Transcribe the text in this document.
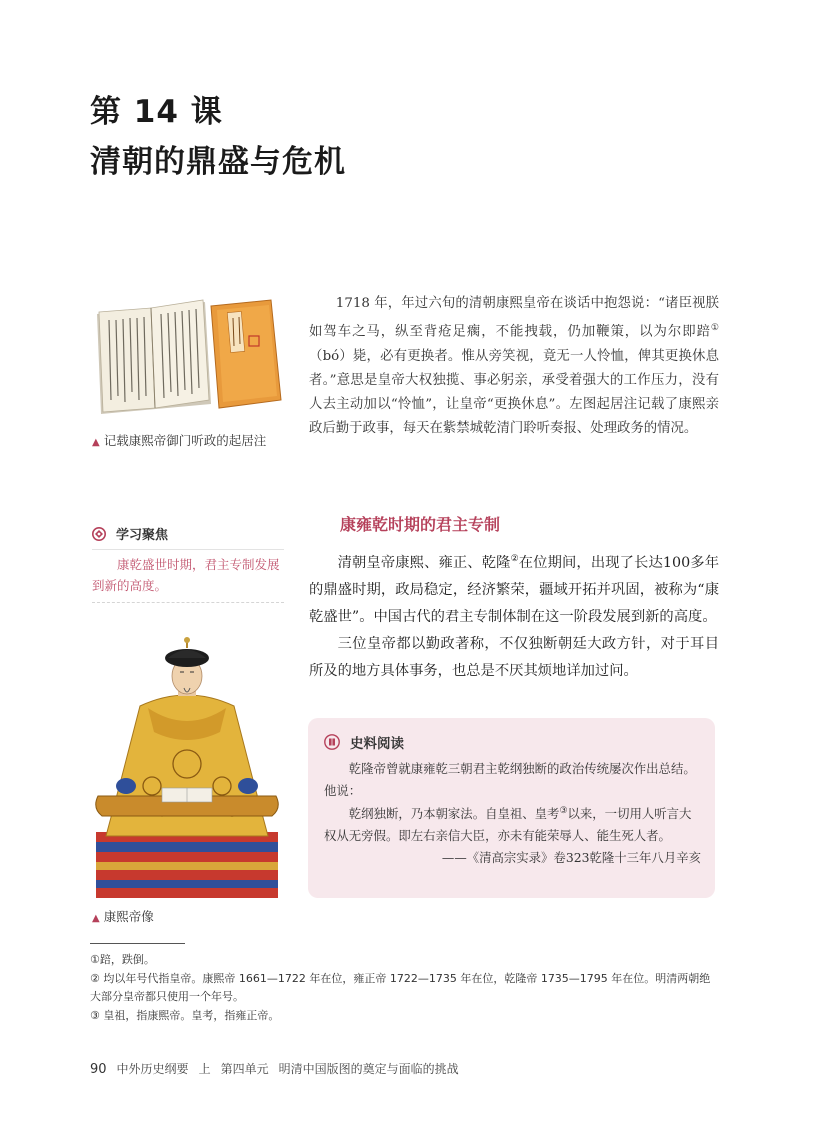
第 14 课
清朝的鼎盛与危机
▲ 记载康熙帝御门听政的起居注
1718 年，年过六旬的清朝康熙皇帝在谈话中抱怨说：“诸臣视朕如驾车之马，纵至背疮足瘸，不能拽载，仍加鞭策，以为尔即踣①（bó）毙，必有更换者。惟从旁笑视，竟无一人怜恤，俾其更换休息者。”意思是皇帝大权独揽、事必躬亲，承受着强大的工作压力，没有人去主动加以“怜恤”，让皇帝“更换休息”。左图起居注记载了康熙亲政后勤于政事，每天在紫禁城乾清门聆听奏报、处理政务的情况。
学习聚焦
康乾盛世时期，君主专制发展到新的高度。
▲ 康熙帝像
康雍乾时期的君主专制

清朝皇帝康熙、雍正、乾隆②在位期间，出现了长达100多年的鼎盛时期，政局稳定，经济繁荣，疆域开拓并巩固，被称为“康乾盛世”。中国古代的君主专制体制在这一阶段发展到新的高度。

三位皇帝都以勤政著称，不仅独断朝廷大政方针，对于耳目所及的地方具体事务，也总是不厌其烦地详加过问。

史料阅读

乾隆帝曾就康雍乾三朝君主乾纲独断的政治传统屡次作出总结。他说：

乾纲独断，乃本朝家法。自皇祖、皇考③以来，一切用人听言大权从无旁假。即左右亲信大臣，亦未有能荣辱人、能生死人者。

——《清高宗实录》卷323乾隆十三年八月辛亥

①踣，跌倒。
② 均以年号代指皇帝。康熙帝 1661—1722 年在位，雍正帝 1722—1735 年在位，乾隆帝 1735—1795 年在位。明清两朝绝大部分皇帝都只使用一个年号。
③ 皇祖，指康熙帝。皇考，指雍正帝。
90 中外历史纲要 上 第四单元 明清中国版图的奠定与面临的挑战
